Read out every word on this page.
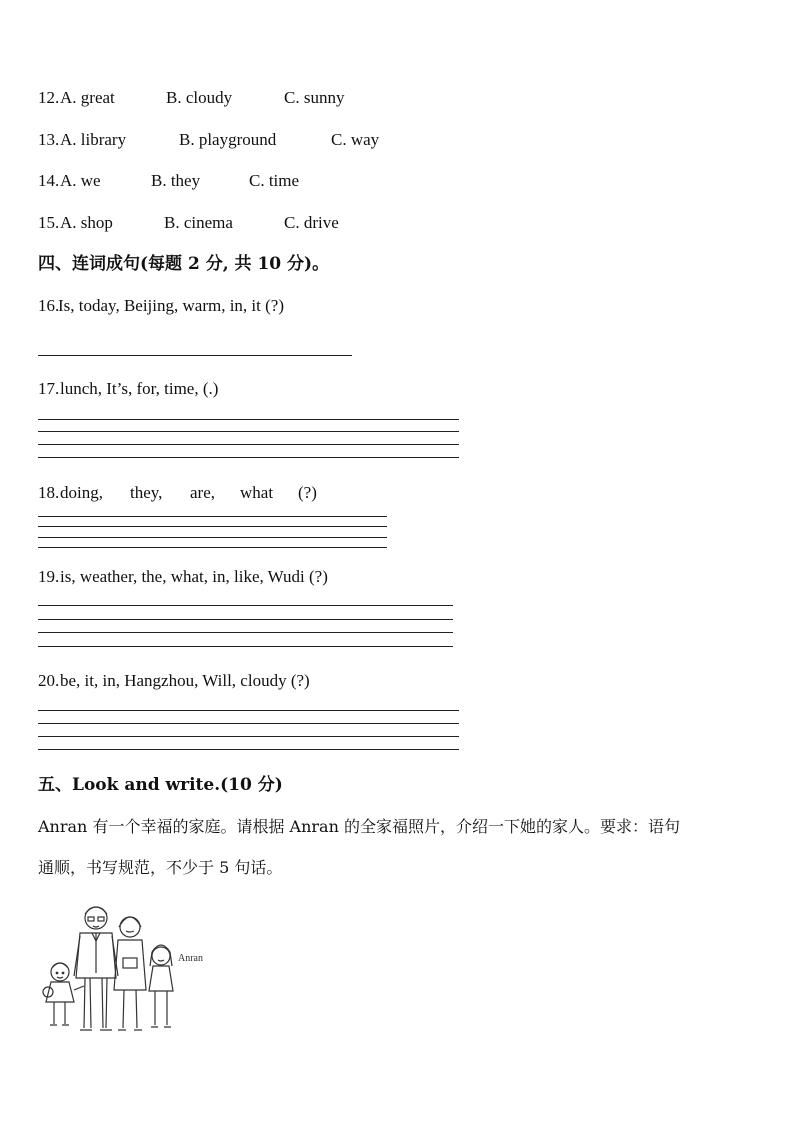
12. A. great	B. cloudy	C. sunny
13. A. library	B. playground	C. way
14. A. we	B. they	C. time
15. A. shop	B. cinema	C. drive
四、连词成句(每题 2 分, 共 10 分)。
16.
Is, today, Beijing, warm, in, it (?)
17. lunch, It’s, for, time, (.)
18. doing, they, are, what (?)
19. is, weather, the, what, in, like, Wudi (?)
20. be, it, in, Hangzhou, Will, cloudy (?)
五、Look and write.(10 分)
Anran 有一个幸福的家庭。请根据 Anran 的全家福照片，介绍一下她的家人。要求：语句
通顺，书写规范，不少于 5 句话。
Anran
